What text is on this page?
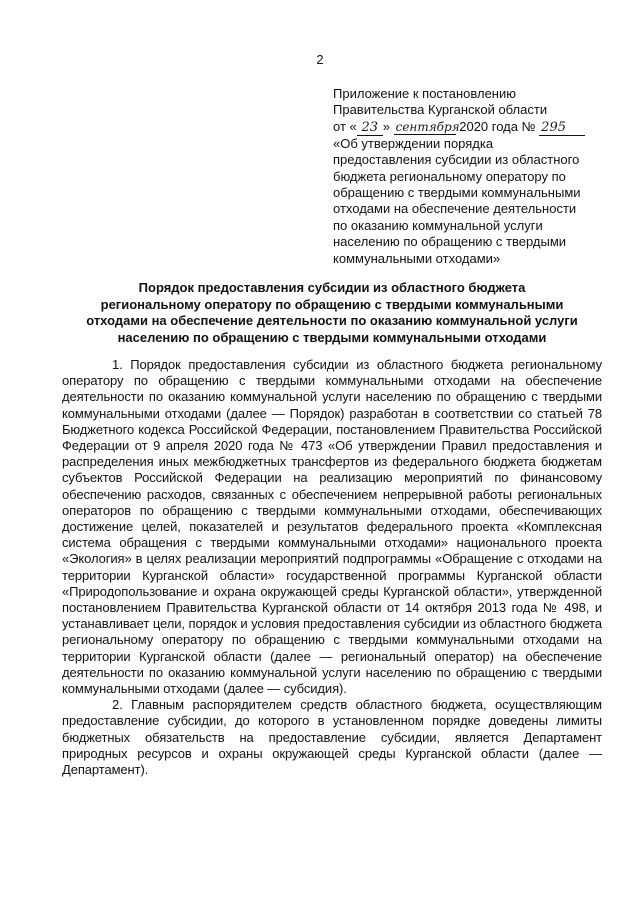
2
Приложение к постановлению
Правительства Курганской области
от « 23 » сентября 2020 года № 295
«Об утверждении порядка
предоставления субсидии из областного
бюджета региональному оператору по
обращению с твердыми коммунальными
отходами на обеспечение деятельности
по оказанию коммунальной услуги
населению по обращению с твердыми
коммунальными отходами»
Порядок предоставления субсидии из областного бюджета
региональному оператору по обращению с твердыми коммунальными
отходами на обеспечение деятельности по оказанию коммунальной услуги
населению по обращению с твердыми коммунальными отходами

1. Порядок предоставления субсидии из областного бюджета региональному оператору по обращению с твердыми коммунальными отходами на обеспечение деятельности по оказанию коммунальной услуги населению по обращению с твердыми коммунальными отходами (далее — Порядок) разработан в соответствии со статьей 78 Бюджетного кодекса Российской Федерации, постановлением Правительства Российской Федерации от 9 апреля 2020 года № 473 «Об утверждении Правил предоставления и распределения иных межбюджетных трансфертов из федерального бюджета бюджетам субъектов Российской Федерации на реализацию мероприятий по финансовому обеспечению расходов, связанных с обеспечением непрерывной работы региональных операторов по обращению с твердыми коммунальными отходами, обеспечивающих достижение целей, показателей и результатов федерального проекта «Комплексная система обращения с твердыми коммунальными отходами» национального проекта «Экология» в целях реализации мероприятий подпрограммы «Обращение с отходами на территории Курганской области» государственной программы Курганской области «Природопользование и охрана окружающей среды Курганской области», утвержденной постановлением Правительства Курганской области от 14 октября 2013 года № 498, и устанавливает цели, порядок и условия предоставления субсидии из областного бюджета региональному оператору по обращению с твердыми коммунальными отходами на территории Курганской области (далее — региональный оператор) на обеспечение деятельности по оказанию коммунальной услуги населению по обращению с твердыми коммунальными отходами (далее — субсидия).

2. Главным распорядителем средств областного бюджета, осуществляющим предоставление субсидии, до которого в установленном порядке доведены лимиты бюджетных обязательств на предоставление субсидии, является Департамент природных ресурсов и охраны окружающей среды Курганской области (далее — Департамент).
